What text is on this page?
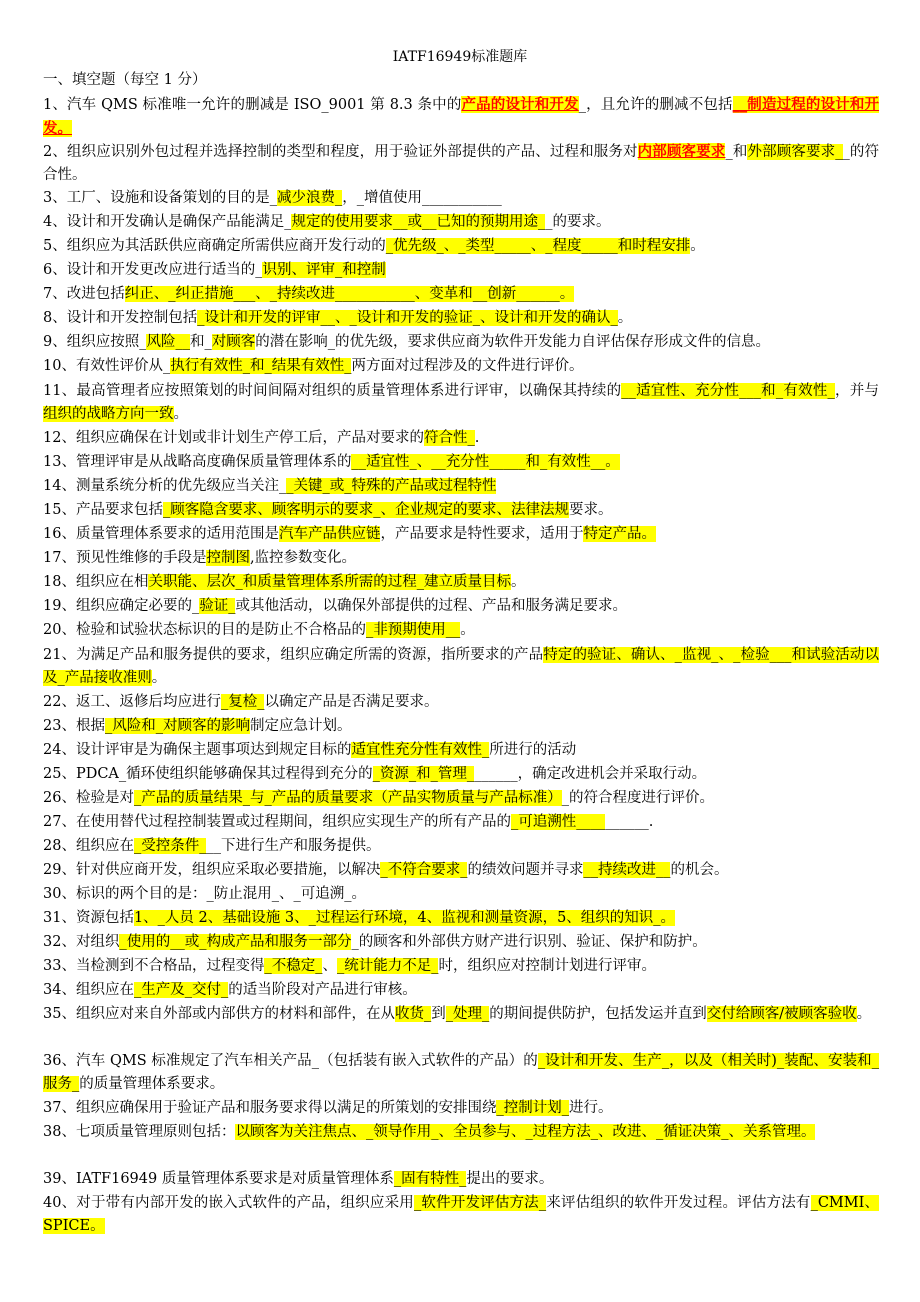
IATF16949标准题库
一、填空题（每空 1 分）
1、汽车 QMS 标准唯一允许的删减是 ISO_9001 第 8.3 条中的产品的设计和开发_，且允许的删减不包括__制造过程的设计和开发。
2、组织应识别外包过程并选择控制的类型和程度，用于验证外部提供的产品、过程和服务对内部顾客要求_和外部顾客要求__的符合性。
3、工厂、设施和设备策划的目的是_减少浪费_，_增值使用___________
4、设计和开发确认是确保产品能满足_规定的使用要求__或__已知的预期用途__的要求。
5、组织应为其活跃供应商确定所需供应商开发行动的_优先级_、_类型_____、_程度_____和时程安排。
6、设计和开发更改应进行适当的_识别、评审_和控制
7、改进包括纠正、_纠正措施___、_持续改进___________、变革和__创新______。
8、设计和开发控制包括_设计和开发的评审__、_设计和开发的验证_、设计和开发的确认_。
9、组织应按照_风险__和_对顾客的潜在影响_的优先级，要求供应商为软件开发能力自评估保存形成文件的信息。
10、有效性评价从_执行有效性_和_结果有效性_两方面对过程涉及的文件进行评价。
11、最高管理者应按照策划的时间间隔对组织的质量管理体系进行评审，以确保其持续的__适宜性、充分性___和_有效性_，并与组织的战略方向一致。
12、组织应确保在计划或非计划生产停工后，产品对要求的符合性_.
13、管理评审是从战略高度确保质量管理体系的__适宜性_、__充分性_____和_有效性__。
14、测量系统分析的优先级应当关注__关键_或_特殊的产品或过程特性
15、产品要求包括_顾客隐含要求、顾客明示的要求_、企业规定的要求、法律法规要求。
16、质量管理体系要求的适用范围是汽车产品供应链，产品要求是特性要求，适用于特定产品。
17、预见性维修的手段是控制图,监控参数变化。
18、组织应在相关职能、层次_和质量管理体系所需的过程_建立质量目标。
19、组织应确定必要的_验证_或其他活动，以确保外部提供的过程、产品和服务满足要求。
20、检验和试验状态标识的目的是防止不合格品的_非预期使用__。
21、为满足产品和服务提供的要求，组织应确定所需的资源，指所要求的产品特定的验证、确认、_监视_、_检验___和试验活动以及_产品接收准则。
22、返工、返修后均应进行_复检_以确定产品是否满足要求。
23、根据_风险和_对顾客的影响制定应急计划。
24、设计评审是为确保主题事项达到规定目标的适宜性充分性有效性_所进行的活动
25、PDCA_循环使组织能够确保其过程得到充分的_资源_和_管理_______，确定改进机会并采取行动。
26、检验是对_产品的质量结果_与_产品的质量要求（产品实物质量与产品标准）_的符合程度进行评价。
27、在使用替代过程控制装置或过程期间，组织应实现生产的所有产品的_可追溯性__________.
28、组织应在_受控条件___下进行生产和服务提供。
29、针对供应商开发，组织应采取必要措施，以解决_不符合要求_的绩效问题并寻求__持续改进__的机会。
30、标识的两个目的是：_防止混用_、_可追溯_。
31、资源包括1、_人员 2、基础设施 3、_过程运行环境，4、监视和测量资源，5、组织的知识_。
32、对组织_使用的__或_构成产品和服务一部分_的顾客和外部供方财产进行识别、验证、保护和防护。
33、当检测到不合格品，过程变得_不稳定_、_统计能力不足_时，组织应对控制计划进行评审。
34、组织应在_生产及_交付_的适当阶段对产品进行审核。
35、组织应对来自外部或内部供方的材料和部件，在从收货_到_处理_的期间提供防护，包括发运并直到交付给顾客/被顾客验收。
36、汽车 QMS 标准规定了汽车相关产品_（包括装有嵌入式软件的产品）的_设计和开发、生产_，以及（相关时)_装配、安装和_服务_的质量管理体系要求。
37、组织应确保用于验证产品和服务要求得以满足的所策划的安排围绕_控制计划_进行。
38、七项质量管理原则包括：以顾客为关注焦点、_领导作用_、全员参与、_过程方法_、改进、_循证决策_、关系管理。
39、IATF16949 质量管理体系要求是对质量管理体系_固有特性_提出的要求。
40、对于带有内部开发的嵌入式软件的产品，组织应采用_软件开发评估方法_来评估组织的软件开发过程。评估方法有_CMMI、SPICE。
